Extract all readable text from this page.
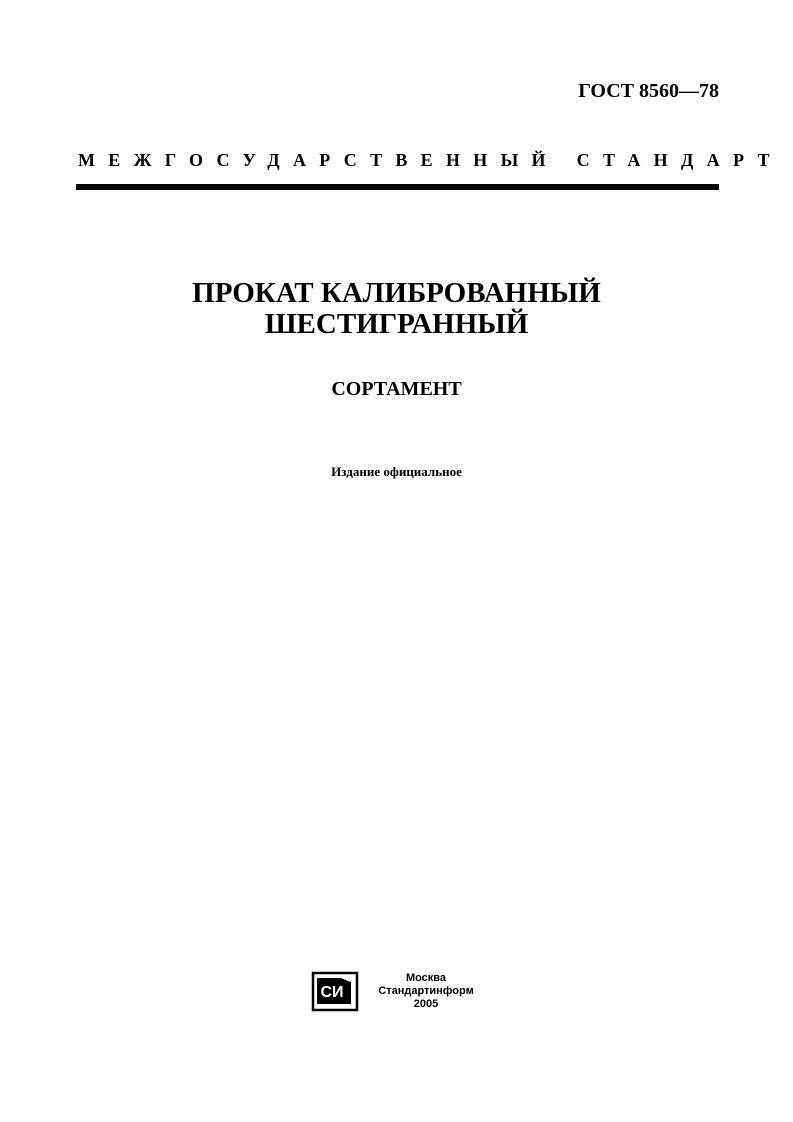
ГОСТ 8560—78
МЕЖГОСУДАРСТВЕННЫЙ СТАНДАРТ
ПРОКАТ КАЛИБРОВАННЫЙ
ШЕСТИГРАННЫЙ
СОРТАМЕНТ
Издание официальное
СИ
Москва
Стандартинформ
2005
